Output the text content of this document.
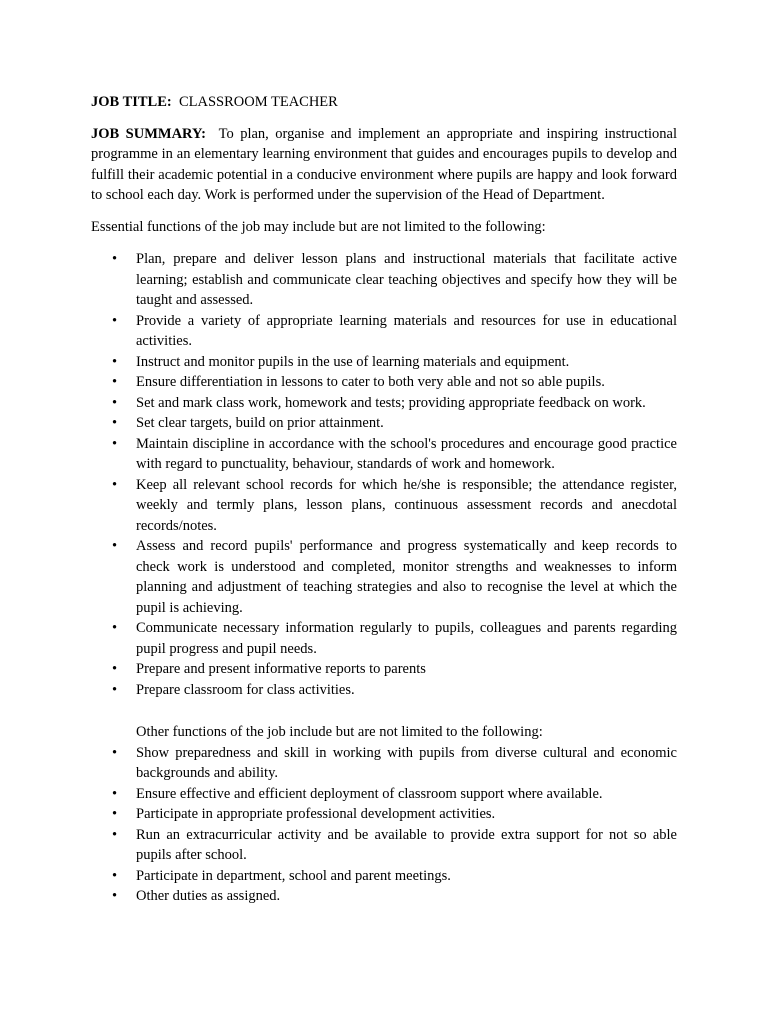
JOB TITLE: CLASSROOM TEACHER

JOB SUMMARY: To plan, organise and implement an appropriate and inspiring instructional programme in an elementary learning environment that guides and encourages pupils to develop and fulfill their academic potential in a conducive environment where pupils are happy and look forward to school each day. Work is performed under the supervision of the Head of Department.

Essential functions of the job may include but are not limited to the following:

• Plan, prepare and deliver lesson plans and instructional materials that facilitate active learning; establish and communicate clear teaching objectives and specify how they will be taught and assessed.
• Provide a variety of appropriate learning materials and resources for use in educational activities.
• Instruct and monitor pupils in the use of learning materials and equipment.
• Ensure differentiation in lessons to cater to both very able and not so able pupils.
• Set and mark class work, homework and tests; providing appropriate feedback on work.
• Set clear targets, build on prior attainment.
• Maintain discipline in accordance with the school's procedures and encourage good practice with regard to punctuality, behaviour, standards of work and homework.
• Keep all relevant school records for which he/she is responsible; the attendance register, weekly and termly plans, lesson plans, continuous assessment records and anecdotal records/notes.
• Assess and record pupils' performance and progress systematically and keep records to check work is understood and completed, monitor strengths and weaknesses to inform planning and adjustment of teaching strategies and also to recognise the level at which the pupil is achieving.
• Communicate necessary information regularly to pupils, colleagues and parents regarding pupil progress and pupil needs.
• Prepare and present informative reports to parents
• Prepare classroom for class activities.

Other functions of the job include but are not limited to the following:

• Show preparedness and skill in working with pupils from diverse cultural and economic backgrounds and ability.
• Ensure effective and efficient deployment of classroom support where available.
• Participate in appropriate professional development activities.
• Run an extracurricular activity and be available to provide extra support for not so able pupils after school.
• Participate in department, school and parent meetings.
• Other duties as assigned.
